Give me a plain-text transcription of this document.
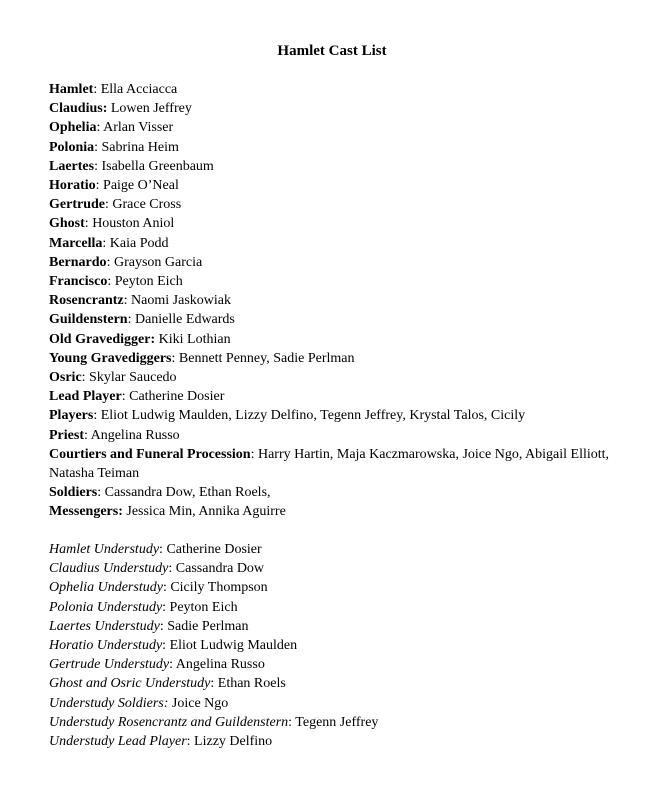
Hamlet Cast List
Hamlet: Ella Acciacca
Claudius: Lowen Jeffrey
Ophelia: Arlan Visser
Polonia: Sabrina Heim
Laertes: Isabella Greenbaum
Horatio: Paige O’Neal
Gertrude: Grace Cross
Ghost: Houston Aniol
Marcella: Kaia Podd
Bernardo: Grayson Garcia
Francisco: Peyton Eich
Rosencrantz: Naomi Jaskowiak
Guildenstern: Danielle Edwards
Old Gravedigger: Kiki Lothian
Young Gravediggers: Bennett Penney, Sadie Perlman
Osric: Skylar Saucedo
Lead Player: Catherine Dosier
Players: Eliot Ludwig Maulden, Lizzy Delfino, Tegenn Jeffrey, Krystal Talos, Cicily
Priest: Angelina Russo
Courtiers and Funeral Procession: Harry Hartin, Maja Kaczmarowska, Joice Ngo, Abigail Elliott, Natasha Teiman
Soldiers: Cassandra Dow, Ethan Roels,
Messengers: Jessica Min, Annika Aguirre
Hamlet Understudy: Catherine Dosier
Claudius Understudy: Cassandra Dow
Ophelia Understudy: Cicily Thompson
Polonia Understudy: Peyton Eich
Laertes Understudy: Sadie Perlman
Horatio Understudy: Eliot Ludwig Maulden
Gertrude Understudy: Angelina Russo
Ghost and Osric Understudy: Ethan Roels
Understudy Soldiers: Joice Ngo
Understudy Rosencrantz and Guildenstern: Tegenn Jeffrey
Understudy Lead Player: Lizzy Delfino
